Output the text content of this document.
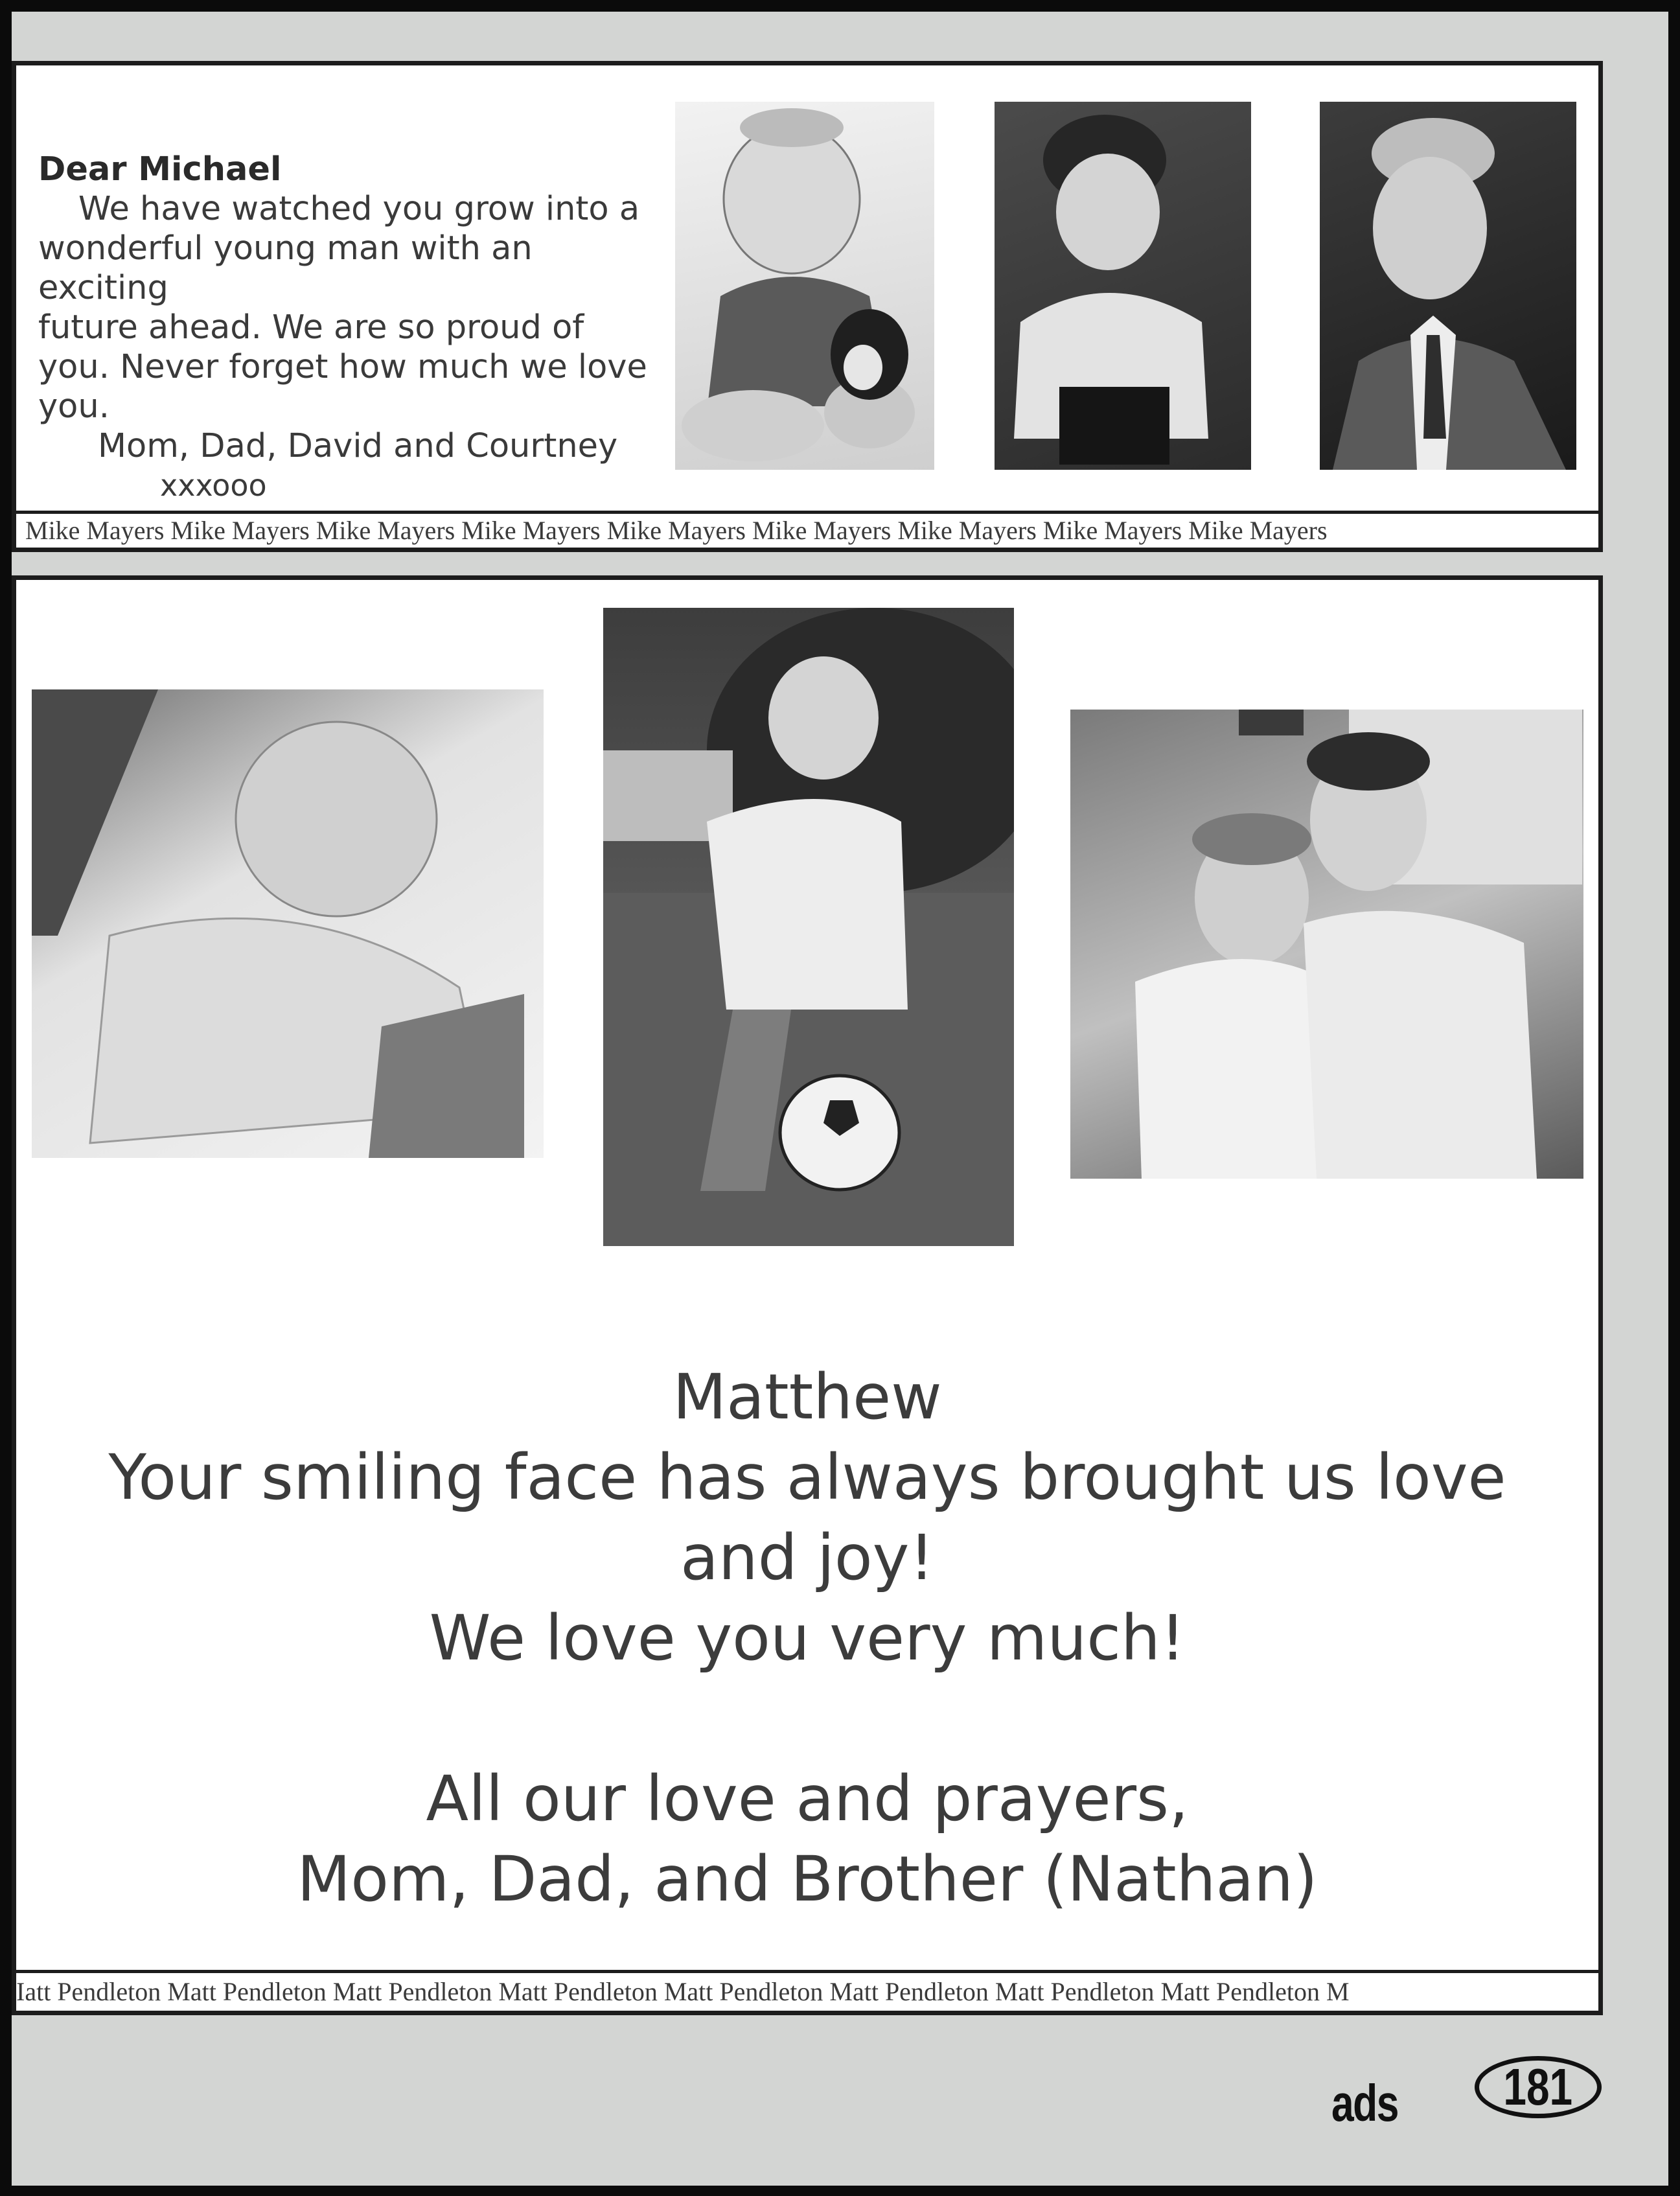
Dear Michael
We have watched you grow into a
wonderful young man with an exciting
future ahead. We are so proud of
you. Never forget how much we love
you.
Mom, Dad, David and Courtney
xxxooo
Mike Mayers Mike Mayers Mike Mayers Mike Mayers Mike Mayers Mike Mayers Mike Mayers Mike Mayers Mike Mayers
Matthew
Your smiling face has always brought us love
and joy!
We love you very much!
All our love and prayers,
Mom, Dad, and Brother (Nathan)
Iatt Pendleton Matt Pendleton Matt Pendleton Matt Pendleton Matt Pendleton Matt Pendleton Matt Pendleton Matt Pendleton M
ads 181
